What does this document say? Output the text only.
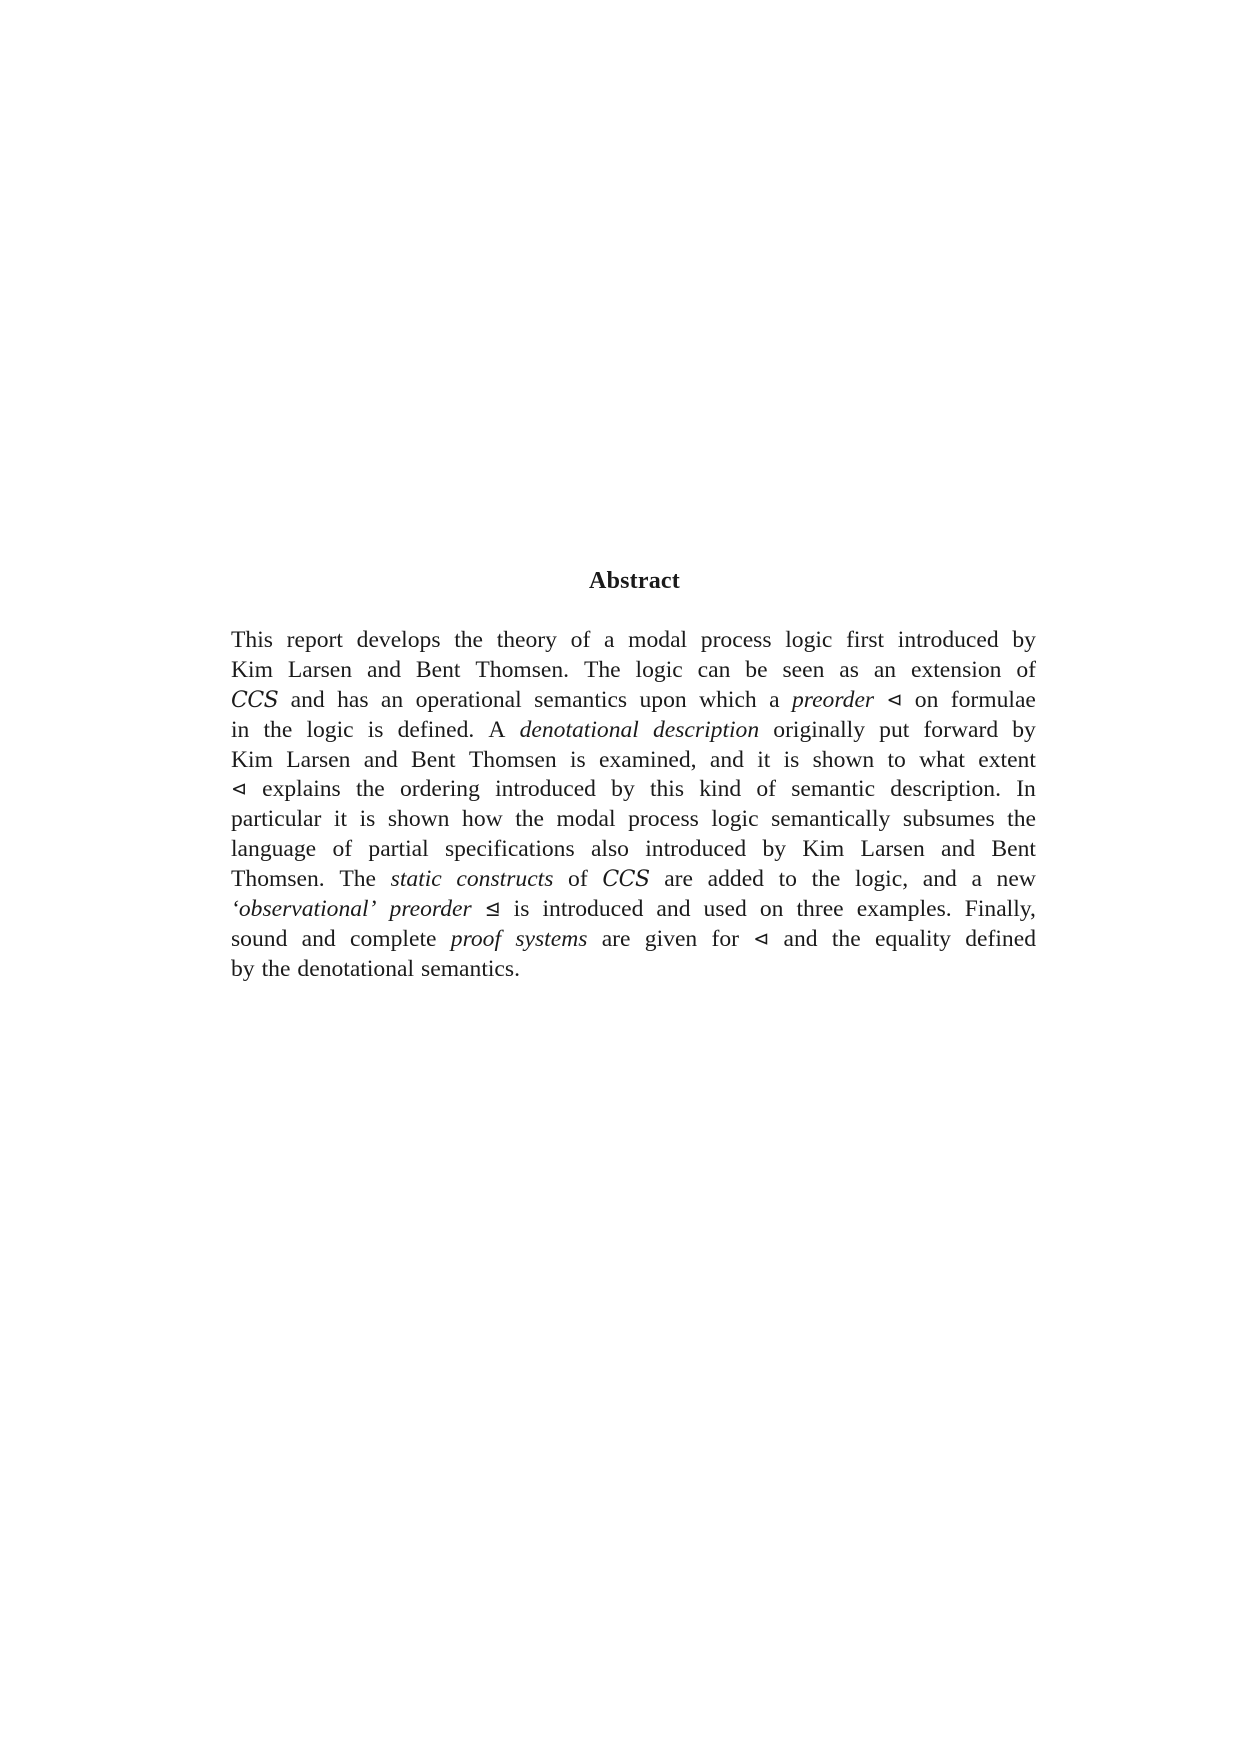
Abstract
This report develops the theory of a modal process logic first introduced by
Kim Larsen and Bent Thomsen. The logic can be seen as an extension of
CCS and has an operational semantics upon which a preorder ⊲ on formulae
in the logic is defined. A denotational description originally put forward by
Kim Larsen and Bent Thomsen is examined, and it is shown to what extent
⊲ explains the ordering introduced by this kind of semantic description. In
particular it is shown how the modal process logic semantically subsumes the
language of partial specifications also introduced by Kim Larsen and Bent
Thomsen. The static constructs of CCS are added to the logic, and a new
‘observational’ preorder ⊴ is introduced and used on three examples. Finally,
sound and complete proof systems are given for ⊲ and the equality defined
by the denotational semantics.
